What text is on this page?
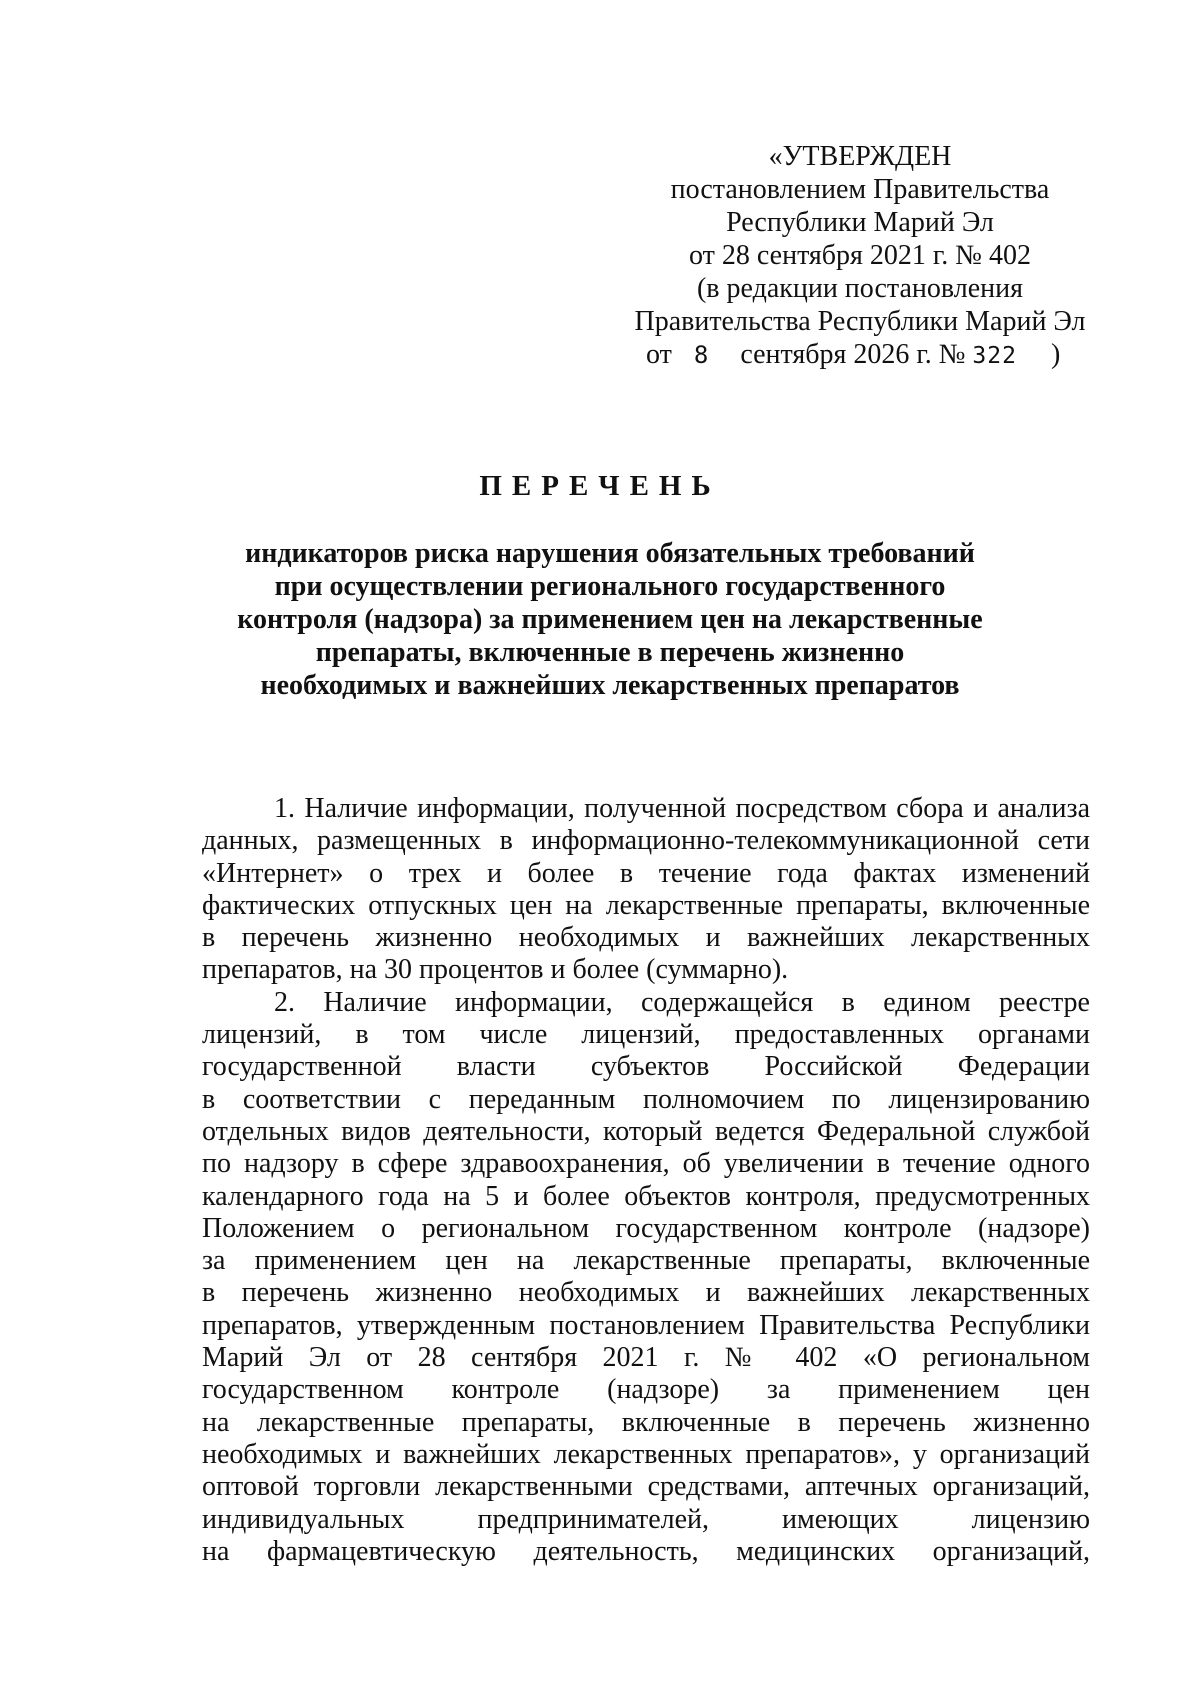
«УТВЕРЖДЕН
постановлением Правительства
Республики Марий Эл
от 28 сентября 2021 г. № 402
(в редакции постановления
Правительства Республики Марий Эл
от 8 сентября 2026 г. № 322 )
ПЕРЕЧЕНЬ
индикаторов риска нарушения обязательных требований
при осуществлении регионального государственного
контроля (надзора) за применением цен на лекарственные
препараты, включенные в перечень жизненно
необходимых и важнейших лекарственных препаратов
1. Наличие информации, полученной посредством сбора и анализа
данных, размещенных в информационно-телекоммуникационной сети
«Интернет» о трех и более в течение года фактах изменений
фактических отпускных цен на лекарственные препараты, включенные
в перечень жизненно необходимых и важнейших лекарственных
препаратов, на 30 процентов и более (суммарно).
2. Наличие информации, содержащейся в едином реестре
лицензий, в том числе лицензий, предоставленных органами
государственной власти субъектов Российской Федерации
в соответствии с переданным полномочием по лицензированию
отдельных видов деятельности, который ведется Федеральной службой
по надзору в сфере здравоохранения, об увеличении в течение одного
календарного года на 5 и более объектов контроля, предусмотренных
Положением о региональном государственном контроле (надзоре)
за применением цен на лекарственные препараты, включенные
в перечень жизненно необходимых и важнейших лекарственных
препаратов, утвержденным постановлением Правительства Республики
Марий Эл от 28 сентября 2021 г. № 402 «О региональном
государственном контроле (надзоре) за применением цен
на лекарственные препараты, включенные в перечень жизненно
необходимых и важнейших лекарственных препаратов», у организаций
оптовой торговли лекарственными средствами, аптечных организаций,
индивидуальных предпринимателей, имеющих лицензию
на фармацевтическую деятельность, медицинских организаций,
